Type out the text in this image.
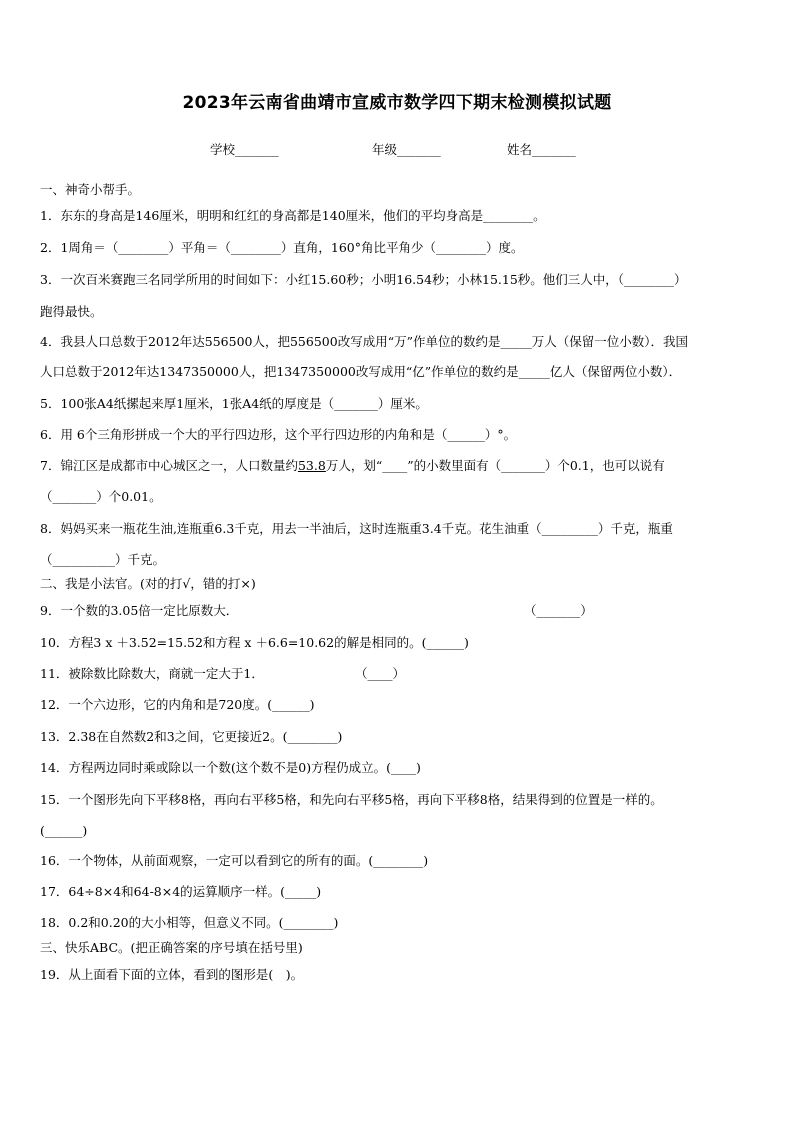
2023年云南省曲靖市宣威市数学四下期末检测模拟试题
学校_______	年级_______	姓名_______
一、神奇小帮手。
1．东东的身高是146厘米，明明和红红的身高都是140厘米，他们的平均身高是________。
2．1周角＝（________）平角＝（________）直角，160°角比平角少（________）度。
3．一次百米赛跑三名同学所用的时间如下：小红15.60秒；小明16.54秒；小林15.15秒。他们三人中，（________）
跑得最快。
4．我县人口总数于2012年达556500人，把556500改写成用“万”作单位的数约是_____万人（保留一位小数）．我国
人口总数于2012年达1347350000人，把1347350000改写成用“亿”作单位的数约是_____亿人（保留两位小数）．
5．100张A4纸摞起来厚1厘米，1张A4纸的厚度是（_______）厘米。
6．用 6个三角形拼成一个大的平行四边形，这个平行四边形的内角和是（______）°。
7．锦江区是成都市中心城区之一，人口数量约53.8万人，划“____”的小数里面有（_______）个0.1，也可以说有
（_______）个0.01。
8．妈妈买来一瓶花生油,连瓶重6.3千克，用去一半油后，这时连瓶重3.4千克。花生油重（_________）千克，瓶重
（__________）千克。
二、我是小法官。(对的打√，错的打×)
9．一个数的3.05倍一定比原数大．	（_______）
10．方程3 x ＋3.52=15.52和方程 x ＋6.6=10.62的解是相同的。(______)
11．被除数比除数大，商就一定大于1．	（____）
12．一个六边形，它的内角和是720度。(______)
13．2.38在自然数2和3之间，它更接近2。(________)
14．方程两边同时乘或除以一个数(这个数不是0)方程仍成立。(____)
15．一个图形先向下平移8格，再向右平移5格，和先向右平移5格，再向下平移8格，结果得到的位置是一样的。
(______)
16．一个物体，从前面观察，一定可以看到它的所有的面。(________)
17．64÷8×4和64-8×4的运算顺序一样。(_____)
18．0.2和0.20的大小相等，但意义不同。(________)
三、快乐ABC。(把正确答案的序号填在括号里)
19．从上面看下面的立体，看到的图形是(　)。
